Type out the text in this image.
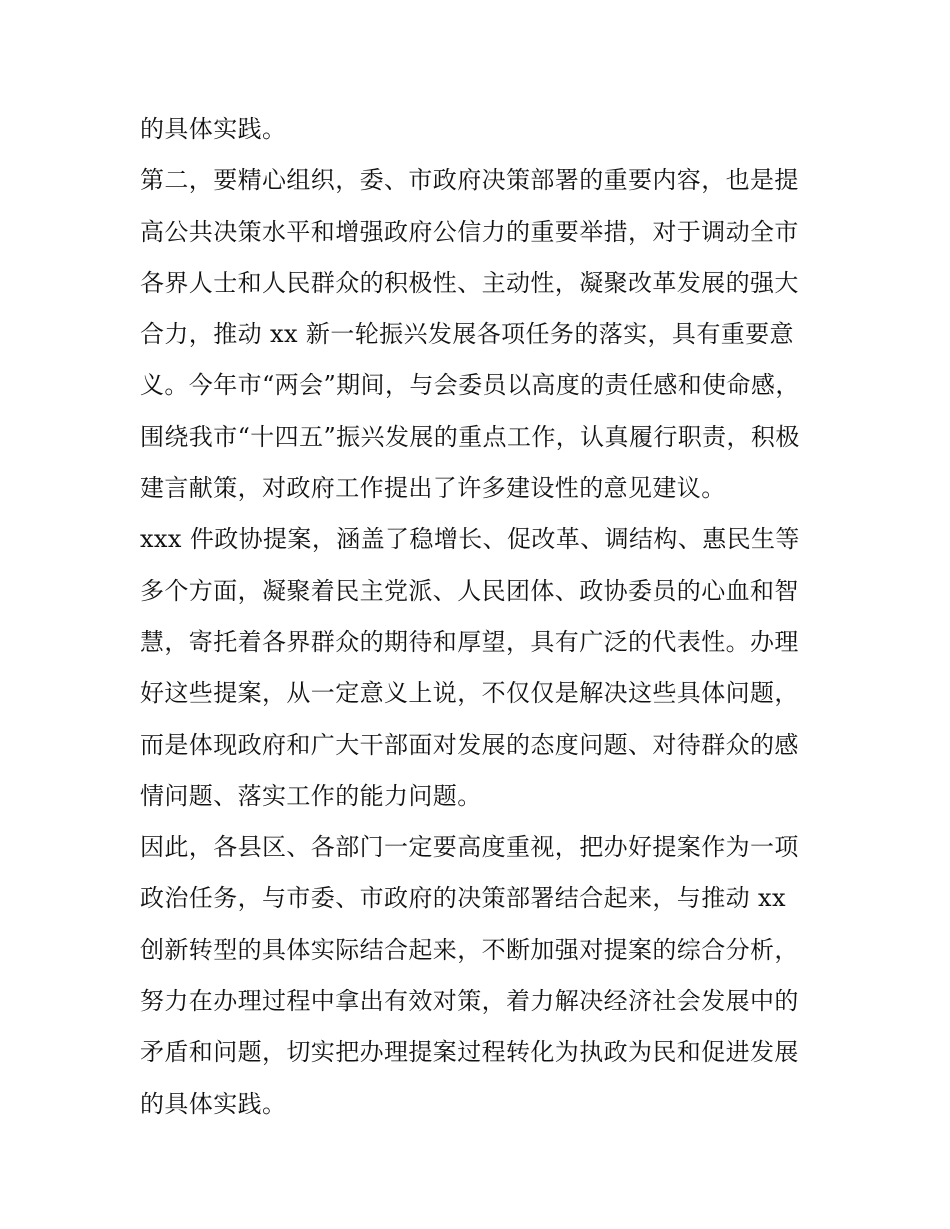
的具体实践。
第二，要精心组织，委、市政府决策部署的重要内容，也是提
高公共决策水平和增强政府公信力的重要举措，对于调动全市
各界人士和人民群众的积极性、主动性，凝聚改革发展的强大
合力，推动 xx 新一轮振兴发展各项任务的落实，具有重要意
义。今年市“两会”期间，与会委员以高度的责任感和使命感，
围绕我市“十四五”振兴发展的重点工作，认真履行职责，积极
建言献策，对政府工作提出了许多建设性的意见建议。
xxx 件政协提案，涵盖了稳增长、促改革、调结构、惠民生等
多个方面，凝聚着民主党派、人民团体、政协委员的心血和智
慧，寄托着各界群众的期待和厚望，具有广泛的代表性。办理
好这些提案，从一定意义上说，不仅仅是解决这些具体问题，
而是体现政府和广大干部面对发展的态度问题、对待群众的感
情问题、落实工作的能力问题。
因此，各县区、各部门一定要高度重视，把办好提案作为一项
政治任务，与市委、市政府的决策部署结合起来，与推动 xx
创新转型的具体实际结合起来，不断加强对提案的综合分析，
努力在办理过程中拿出有效对策，着力解决经济社会发展中的
矛盾和问题，切实把办理提案过程转化为执政为民和促进发展
的具体实践。
